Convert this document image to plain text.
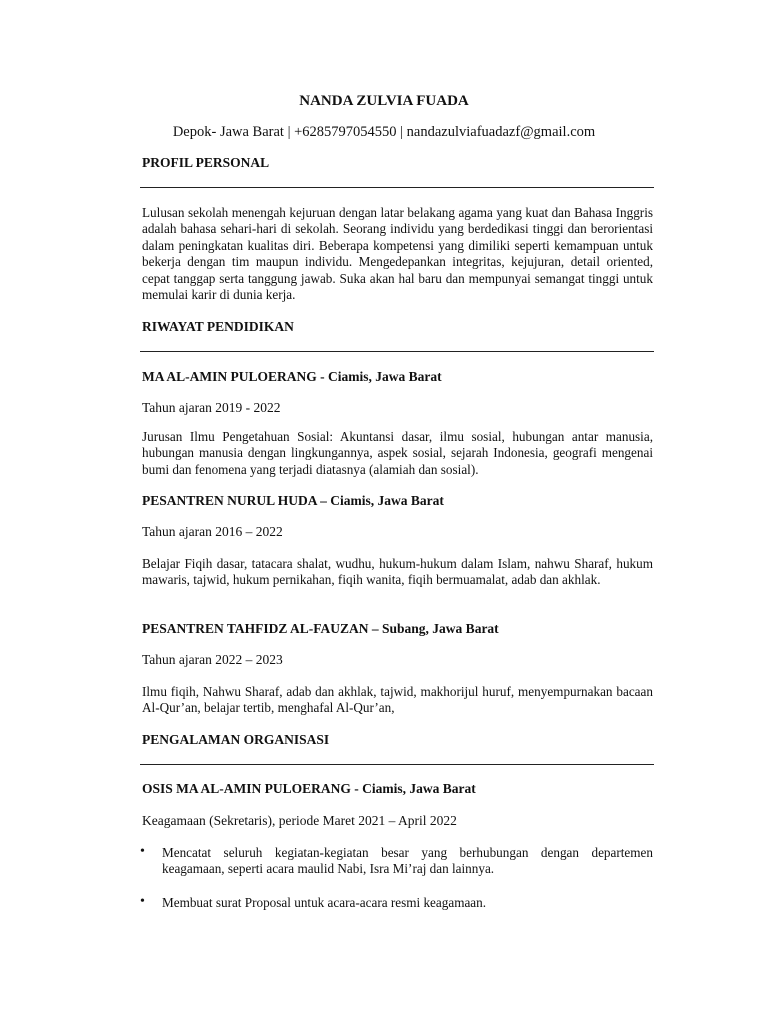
NANDA ZULVIA FUADA

Depok- Jawa Barat | +6285797054550 | nandazulviafuadazf@gmail.com

PROFIL PERSONAL

Lulusan sekolah menengah kejuruan dengan latar belakang agama yang kuat dan Bahasa Inggris adalah bahasa sehari-hari di sekolah. Seorang individu yang berdedikasi tinggi dan berorientasi dalam peningkatan kualitas diri. Beberapa kompetensi yang dimiliki seperti kemampuan untuk bekerja dengan tim maupun individu. Mengedepankan integritas, kejujuran, detail oriented, cepat tanggap serta tanggung jawab. Suka akan hal baru dan mempunyai semangat tinggi untuk memulai karir di dunia kerja.

RIWAYAT PENDIDIKAN

MA AL-AMIN PULOERANG - Ciamis, Jawa Barat

Tahun ajaran 2019 - 2022

Jurusan Ilmu Pengetahuan Sosial: Akuntansi dasar, ilmu sosial, hubungan antar manusia, hubungan manusia dengan lingkungannya, aspek sosial, sejarah Indonesia, geografi mengenai bumi dan fenomena yang terjadi diatasnya (alamiah dan sosial).

PESANTREN NURUL HUDA – Ciamis, Jawa Barat

Tahun ajaran 2016 – 2022

Belajar Fiqih dasar, tatacara shalat, wudhu, hukum-hukum dalam Islam, nahwu Sharaf, hukum mawaris, tajwid, hukum pernikahan, fiqih wanita, fiqih bermuamalat, adab dan akhlak.

PESANTREN TAHFIDZ AL-FAUZAN – Subang, Jawa Barat

Tahun ajaran 2022 – 2023

Ilmu fiqih, Nahwu Sharaf, adab dan akhlak, tajwid, makhorijul huruf, menyempurnakan bacaan Al-Qur’an, belajar tertib, menghafal Al-Qur’an,

PENGALAMAN ORGANISASI

OSIS MA AL-AMIN PULOERANG - Ciamis, Jawa Barat

Keagamaan (Sekretaris), periode Maret 2021 – April 2022

• Mencatat seluruh kegiatan-kegiatan besar yang berhubungan dengan departemen keagamaan, seperti acara maulid Nabi, Isra Mi’raj dan lainnya.

• Membuat surat Proposal untuk acara-acara resmi keagamaan.
